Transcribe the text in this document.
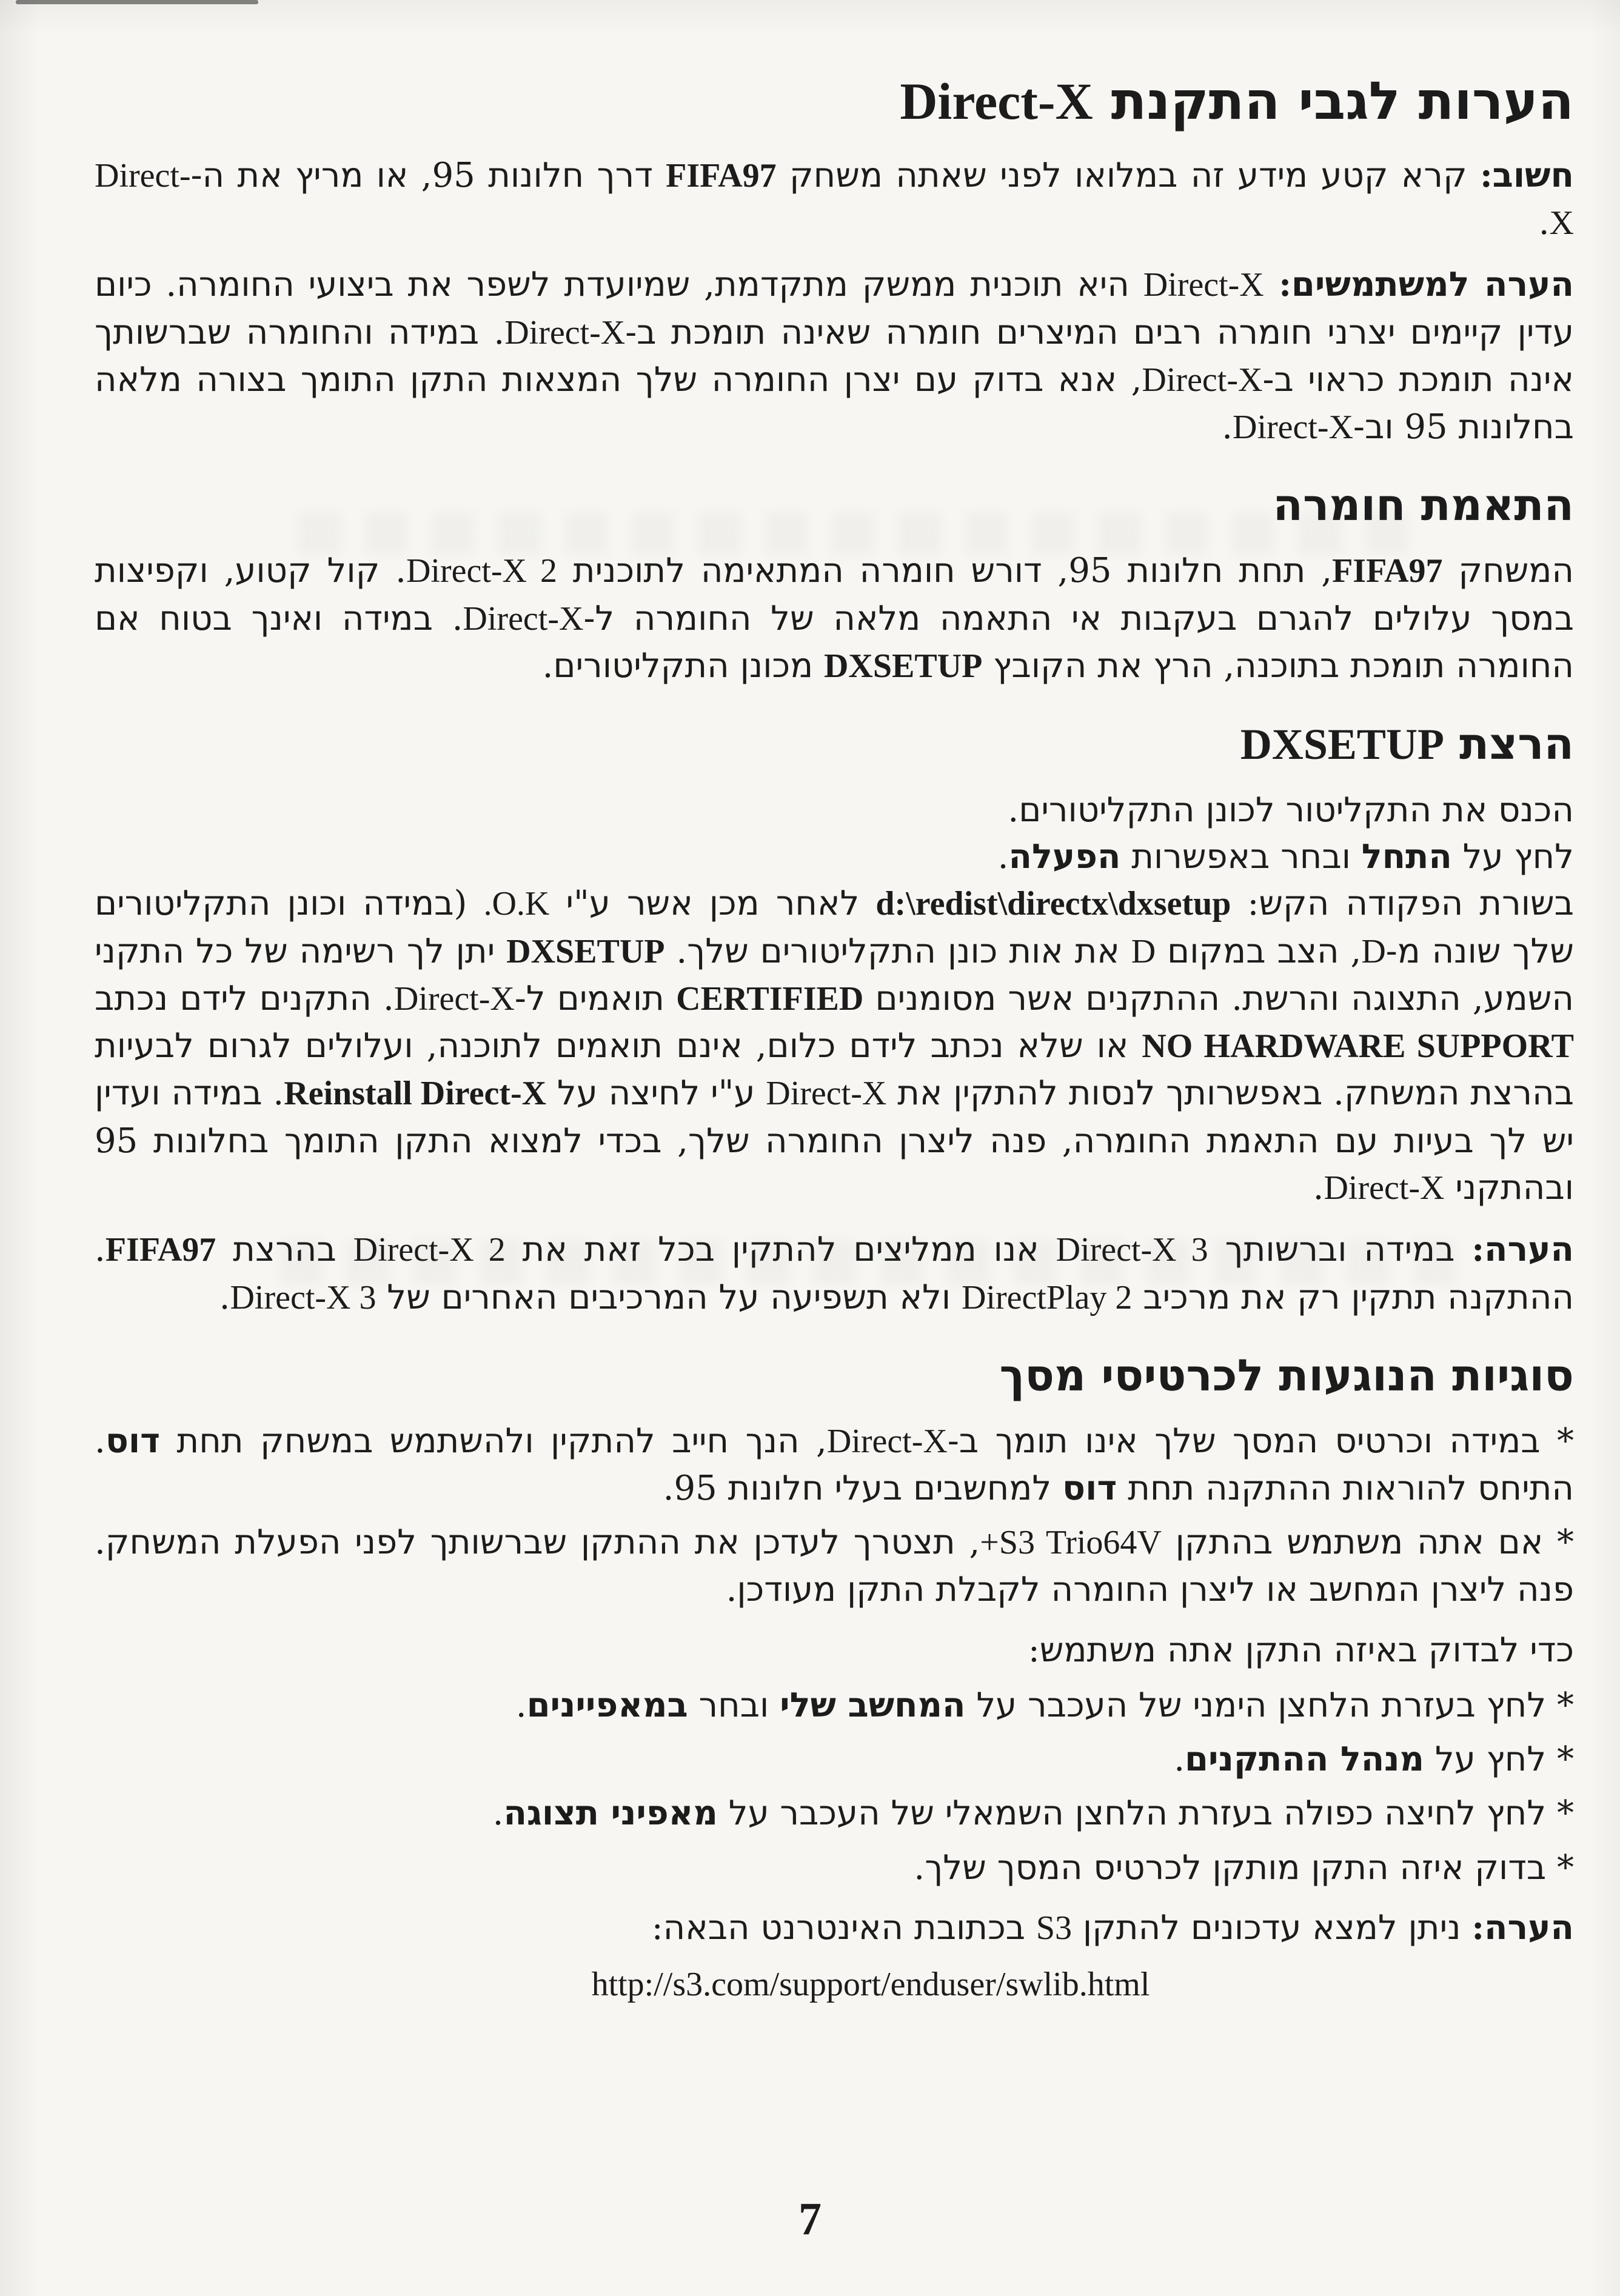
הערות לגבי התקנת Direct-X

חשוב: קרא קטע מידע זה במלואו לפני שאתה משחק FIFA97 דרך חלונות 95, או מריץ את ה-Direct-X.

הערה למשתמשים: Direct-X היא תוכנית ממשק מתקדמת, שמיועדת לשפר את ביצועי החומרה. כיום עדין קיימים יצרני חומרה רבים המיצרים חומרה שאינה תומכת ב-Direct-X. במידה והחומרה שברשותך אינה תומכת כראוי ב-Direct-X, אנא בדוק עם יצרן החומרה שלך המצאות התקן התומך בצורה מלאה בחלונות 95 וב-Direct-X.

התאמת חומרה

המשחק FIFA97, תחת חלונות 95, דורש חומרה המתאימה לתוכנית Direct-X 2. קול קטוע, וקפיצות במסך עלולים להגרם בעקבות אי התאמה מלאה של החומרה ל-Direct-X. במידה ואינך בטוח אם החומרה תומכת בתוכנה, הרץ את הקובץ DXSETUP מכונן התקליטורים.

הרצת DXSETUP

הכנס את התקליטור לכונן התקליטורים.

לחץ על התחל ובחר באפשרות הפעלה.

בשורת הפקודה הקש: d:\redist\directx\dxsetup לאחר מכן אשר ע"י O.K. (במידה וכונן התקליטורים שלך שונה מ-D, הצב במקום D את אות כונן התקליטורים שלך. DXSETUP יתן לך רשימה של כל התקני השמע, התצוגה והרשת. ההתקנים אשר מסומנים CERTIFIED תואמים ל-Direct-X. התקנים לידם נכתב NO HARDWARE SUPPORT או שלא נכתב לידם כלום, אינם תואמים לתוכנה, ועלולים לגרום לבעיות בהרצת המשחק. באפשרותך לנסות להתקין את Direct-X ע"י לחיצה על Reinstall Direct-X. במידה ועדין יש לך בעיות עם התאמת החומרה, פנה ליצרן החומרה שלך, בכדי למצוא התקן התומך בחלונות 95 ובהתקני Direct-X.

הערה: במידה וברשותך Direct-X 3 אנו ממליצים להתקין בכל זאת את Direct-X 2 בהרצת FIFA97. ההתקנה תתקין רק את מרכיב DirectPlay 2 ולא תשפיעה על המרכיבים האחרים של Direct-X 3.

סוגיות הנוגעות לכרטיסי מסך

* במידה וכרטיס המסך שלך אינו תומך ב-Direct-X, הנך חייב להתקין ולהשתמש במשחק תחת דוס. התיחס להוראות ההתקנה תחת דוס למחשבים בעלי חלונות 95.

* אם אתה משתמש בהתקן S3 Trio64V+, תצטרך לעדכן את ההתקן שברשותך לפני הפעלת המשחק. פנה ליצרן המחשב או ליצרן החומרה לקבלת התקן מעודכן.

כדי לבדוק באיזה התקן אתה משתמש:

* לחץ בעזרת הלחצן הימני של העכבר על המחשב שלי ובחר במאפיינים.

* לחץ על מנהל ההתקנים.

* לחץ לחיצה כפולה בעזרת הלחצן השמאלי של העכבר על מאפיני תצוגה.

* בדוק איזה התקן מותקן לכרטיס המסך שלך.

הערה: ניתן למצא עדכונים להתקן S3 בכתובת האינטרנט הבאה:

http://s3.com/support/enduser/swlib.html

7
